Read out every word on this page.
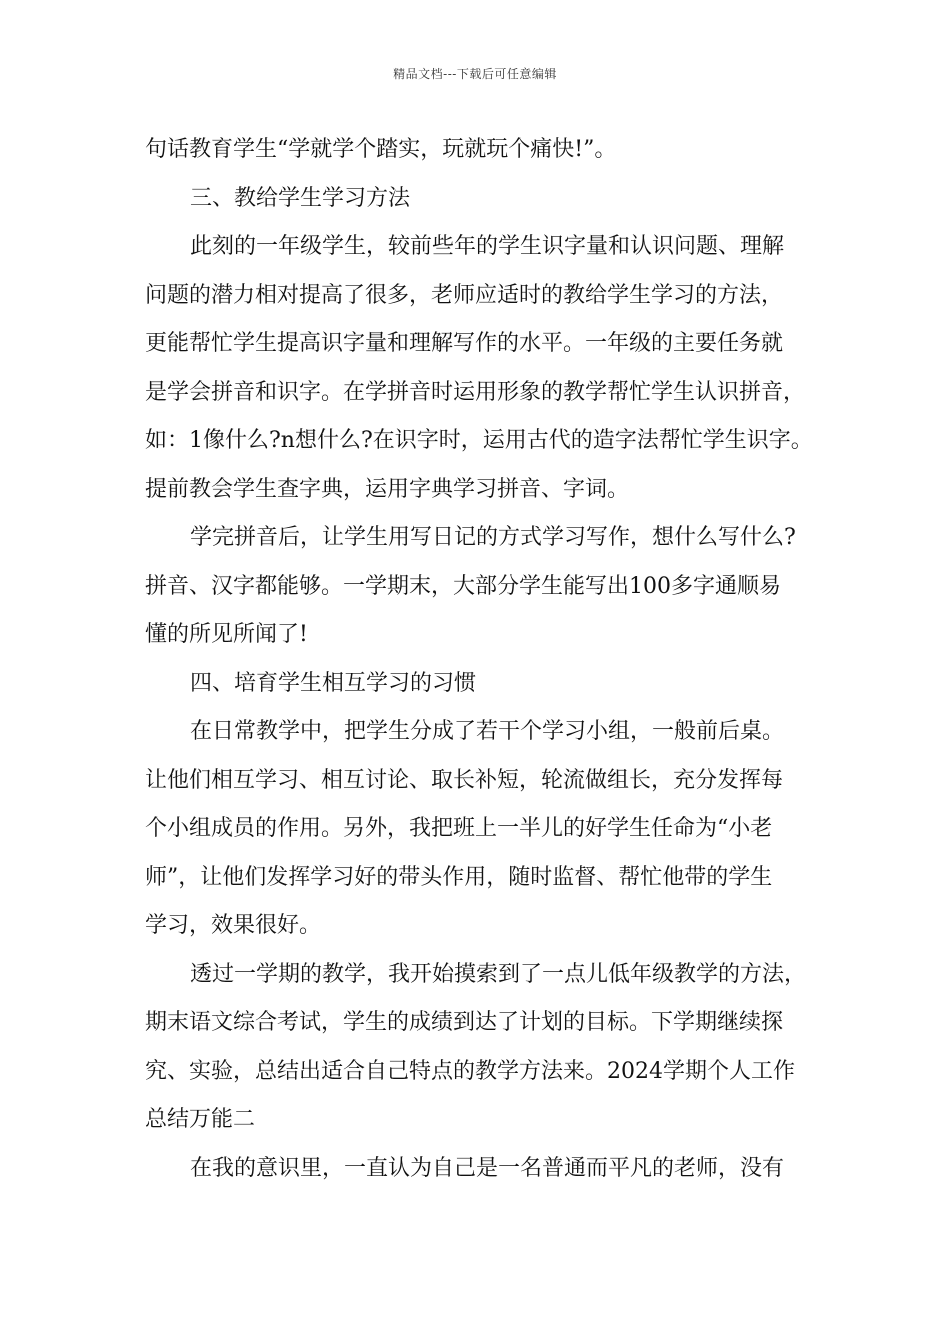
精品文档---下载后可任意编辑
句话教育学生“学就学个踏实，玩就玩个痛快!”。
三、教给学生学习方法
此刻的一年级学生，较前些年的学生识字量和认识问题、理解
问题的潜力相对提高了很多，老师应适时的教给学生学习的方法，
更能帮忙学生提高识字量和理解写作的水平。一年级的主要任务就
是学会拼音和识字。在学拼音时运用形象的教学帮忙学生认识拼音，
如：1像什么?n想什么?在识字时，运用古代的造字法帮忙学生识字。
提前教会学生查字典，运用字典学习拼音、字词。
学完拼音后，让学生用写日记的方式学习写作，想什么写什么?
拼音、汉字都能够。一学期末，大部分学生能写出100多字通顺易
懂的所见所闻了!
四、培育学生相互学习的习惯
在日常教学中，把学生分成了若干个学习小组，一般前后桌。
让他们相互学习、相互讨论、取长补短，轮流做组长，充分发挥每
个小组成员的作用。另外，我把班上一半儿的好学生任命为“小老
师”，让他们发挥学习好的带头作用，随时监督、帮忙他带的学生
学习，效果很好。
透过一学期的教学，我开始摸索到了一点儿低年级教学的方法，
期末语文综合考试，学生的成绩到达了计划的目标。下学期继续探
究、实验，总结出适合自己特点的教学方法来。2024学期个人工作
总结万能二
在我的意识里，一直认为自己是一名普通而平凡的老师，没有
